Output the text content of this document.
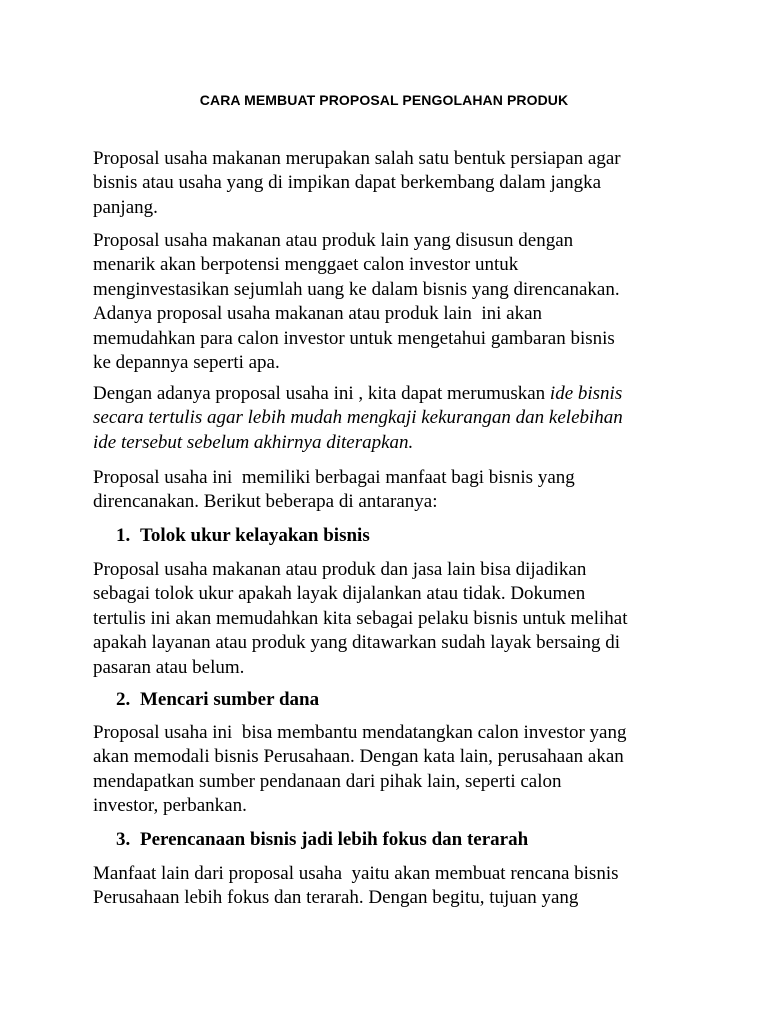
CARA MEMBUAT PROPOSAL PENGOLAHAN PRODUK

Proposal usaha makanan merupakan salah satu bentuk persiapan agar
bisnis atau usaha yang di impikan dapat berkembang dalam jangka
panjang.

Proposal usaha makanan atau produk lain yang disusun dengan
menarik akan berpotensi menggaet calon investor untuk
menginvestasikan sejumlah uang ke dalam bisnis yang direncanakan.
Adanya proposal usaha makanan atau produk lain  ini akan
memudahkan para calon investor untuk mengetahui gambaran bisnis
ke depannya seperti apa.

Dengan adanya proposal usaha ini , kita dapat merumuskan ide bisnis
secara tertulis agar lebih mudah mengkaji kekurangan dan kelebihan
ide tersebut sebelum akhirnya diterapkan.

Proposal usaha ini  memiliki berbagai manfaat bagi bisnis yang
direncanakan. Berikut beberapa di antaranya:

1. Tolok ukur kelayakan bisnis

Proposal usaha makanan atau produk dan jasa lain bisa dijadikan
sebagai tolok ukur apakah layak dijalankan atau tidak. Dokumen
tertulis ini akan memudahkan kita sebagai pelaku bisnis untuk melihat
apakah layanan atau produk yang ditawarkan sudah layak bersaing di
pasaran atau belum.

2. Mencari sumber dana

Proposal usaha ini  bisa membantu mendatangkan calon investor yang
akan memodali bisnis Perusahaan. Dengan kata lain, perusahaan akan
mendapatkan sumber pendanaan dari pihak lain, seperti calon
investor, perbankan.

3. Perencanaan bisnis jadi lebih fokus dan terarah

Manfaat lain dari proposal usaha  yaitu akan membuat rencana bisnis
Perusahaan lebih fokus dan terarah. Dengan begitu, tujuan yang
